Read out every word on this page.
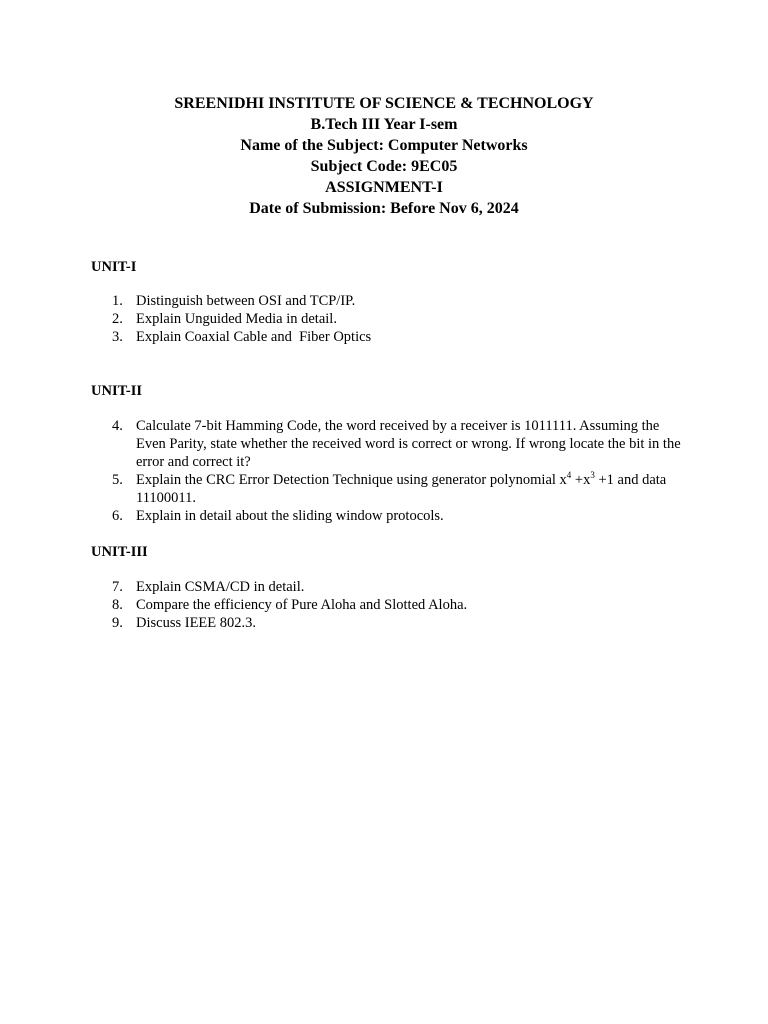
SREENIDHI INSTITUTE OF SCIENCE & TECHNOLOGY
B.Tech III Year I-sem
Name of the Subject: Computer Networks
Subject Code: 9EC05
ASSIGNMENT-I
Date of Submission: Before Nov 6, 2024
UNIT-I
1. Distinguish between OSI and TCP/IP.
2. Explain Unguided Media in detail.
3. Explain Coaxial Cable and  Fiber Optics
UNIT-II
4. Calculate 7-bit Hamming Code, the word received by a receiver is 1011111. Assuming the Even Parity, state whether the received word is correct or wrong. If wrong locate the bit in the error and correct it?
5. Explain the CRC Error Detection Technique using generator polynomial $x^4 +x^3 +1$ and data 11100011.
6. Explain in detail about the sliding window protocols.
UNIT-III
7. Explain CSMA/CD in detail.
8. Compare the efficiency of Pure Aloha and Slotted Aloha.
9. Discuss IEEE 802.3.
